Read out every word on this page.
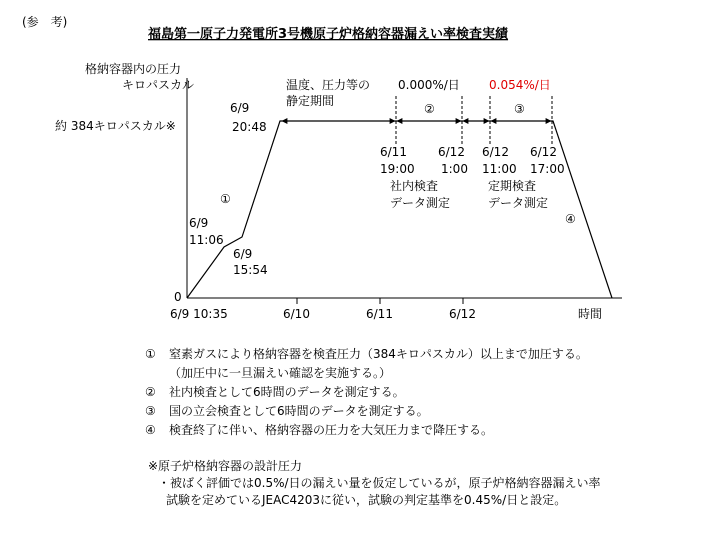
(参　考)
福島第一原子力発電所3号機原子炉格納容器漏えい率検査実績
格納容器内の圧力
キロパスカル
約 384キロパスカル※
0
6/9 10:35	6/10	6/11	6/12	時間
温度、圧力等の
静定期間
0.000%/日 0.054%/日
②	③
6/9
11:06
6/9
15:54
6/9
20:48
6/11
19:00
6/12
1:00
6/12
11:00
6/12
17:00
①
社内検査
データ測定
定期検査
データ測定
④
①	窒素ガスにより格納容器を検査圧力（384キロパスカル）以上まで加圧する。
（加圧中に一旦漏えい確認を実施する。）
②	社内検査として6時間のデータを測定する。
③	国の立会検査として6時間のデータを測定する。
④	検査終了に伴い、格納容器の圧力を大気圧力まで降圧する。
※原子炉格納容器の設計圧力
・被ばく評価では0.5%/日の漏えい量を仮定しているが，原子炉格納容器漏えい率
試験を定めているJEAC4203に従い，試験の判定基準を0.45%/日と設定。
